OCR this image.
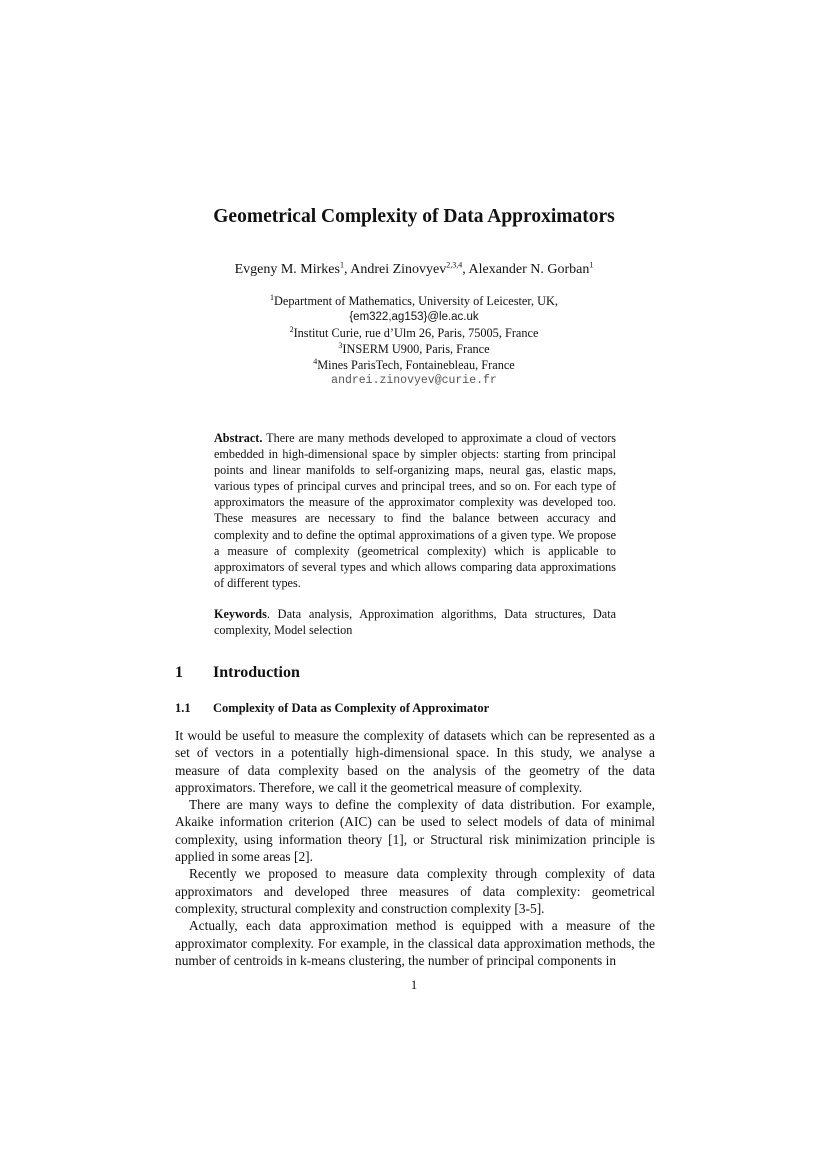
Geometrical Complexity of Data Approximators
Evgeny M. Mirkes$^1$, Andrei Zinovyev$^{2,3,4}$, Alexander N. Gorban$^1$
$^1$Department of Mathematics, University of Leicester, UK,
{em322,ag153}@le.ac.uk
$^2$Institut Curie, rue d’Ulm 26, Paris, 75005, France
$^3$INSERM U900, Paris, France
$^4$Mines ParisTech, Fontainebleau, France
andrei.zinovyev@curie.fr
Abstract. There are many methods developed to approximate a cloud of vectors embedded in high-dimensional space by simpler objects: starting from principal points and linear manifolds to self-organizing maps, neural gas, elastic maps, various types of principal curves and principal trees, and so on. For each type of approximators the measure of the approximator complexity was developed too. These measures are necessary to find the balance between accuracy and complexity and to define the optimal approximations of a given type. We propose a measure of complexity (geometrical complexity) which is applicable to approximators of several types and which allows comparing data approximations of different types.
Keywords. Data analysis, Approximation algorithms, Data structures, Data complexity, Model selection
1 Introduction
1.1 Complexity of Data as Complexity of Approximator

It would be useful to measure the complexity of datasets which can be represented as a set of vectors in a potentially high-dimensional space. In this study, we analyse a measure of data complexity based on the analysis of the geometry of the data approximators. Therefore, we call it the geometrical measure of complexity.

There are many ways to define the complexity of data distribution. For example, Akaike information criterion (AIC) can be used to select models of data of minimal complexity, using information theory [1], or Structural risk minimization principle is applied in some areas [2].

Recently we proposed to measure data complexity through complexity of data approximators and developed three measures of data complexity: geometrical complexity, structural complexity and construction complexity [3-5].

Actually, each data approximation method is equipped with a measure of the approximator complexity. For example, in the classical data approximation methods, the number of centroids in k-means clustering, the number of principal components in

1
